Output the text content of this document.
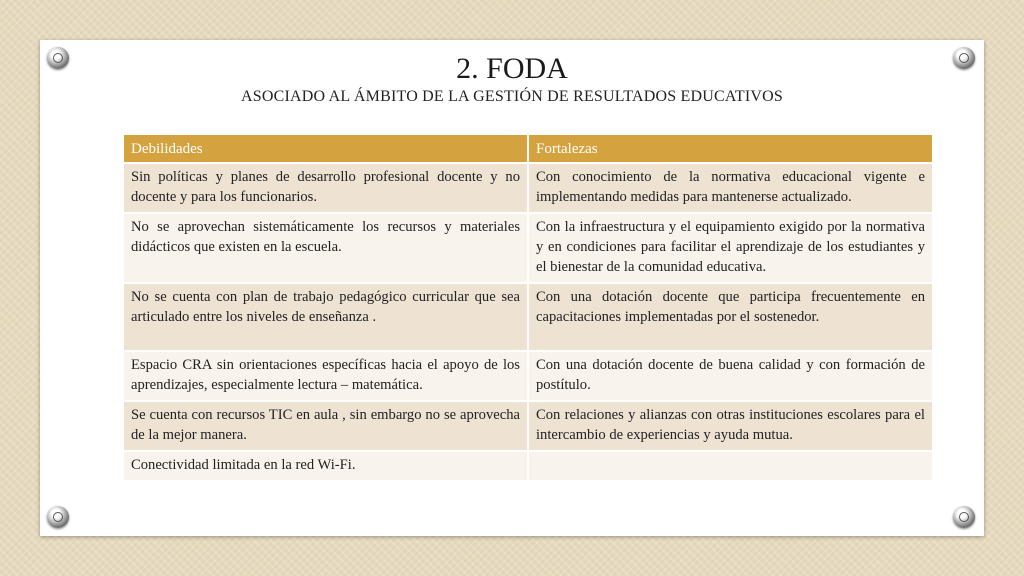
2. FODA
ASOCIADO AL ÁMBITO DE LA GESTIÓN DE RESULTADOS EDUCATIVOS
Debilidades	Fortalezas
Sin políticas y planes de desarrollo profesional docente y no docente y para los funcionarios.	Con conocimiento de la normativa educacional vigente e implementando medidas para mantenerse actualizado.
No se aprovechan sistemáticamente los recursos y materiales didácticos que existen en la escuela.	Con la infraestructura y el equipamiento exigido por la normativa y en condiciones para facilitar el aprendizaje de los estudiantes y el bienestar de la comunidad educativa.
No se cuenta con plan de trabajo pedagógico curricular que sea articulado entre los niveles de enseñanza .	Con una dotación docente que participa frecuentemente en capacitaciones implementadas por el sostenedor.
Espacio CRA sin orientaciones específicas hacia el apoyo de los aprendizajes, especialmente lectura – matemática.	Con una dotación docente de buena calidad y con formación de postítulo.
Se cuenta con recursos TIC en aula , sin embargo no se aprovecha de la mejor manera.	Con relaciones y alianzas con otras instituciones escolares para el intercambio de experiencias y ayuda mutua.
Conectividad limitada en la red Wi-Fi.	
